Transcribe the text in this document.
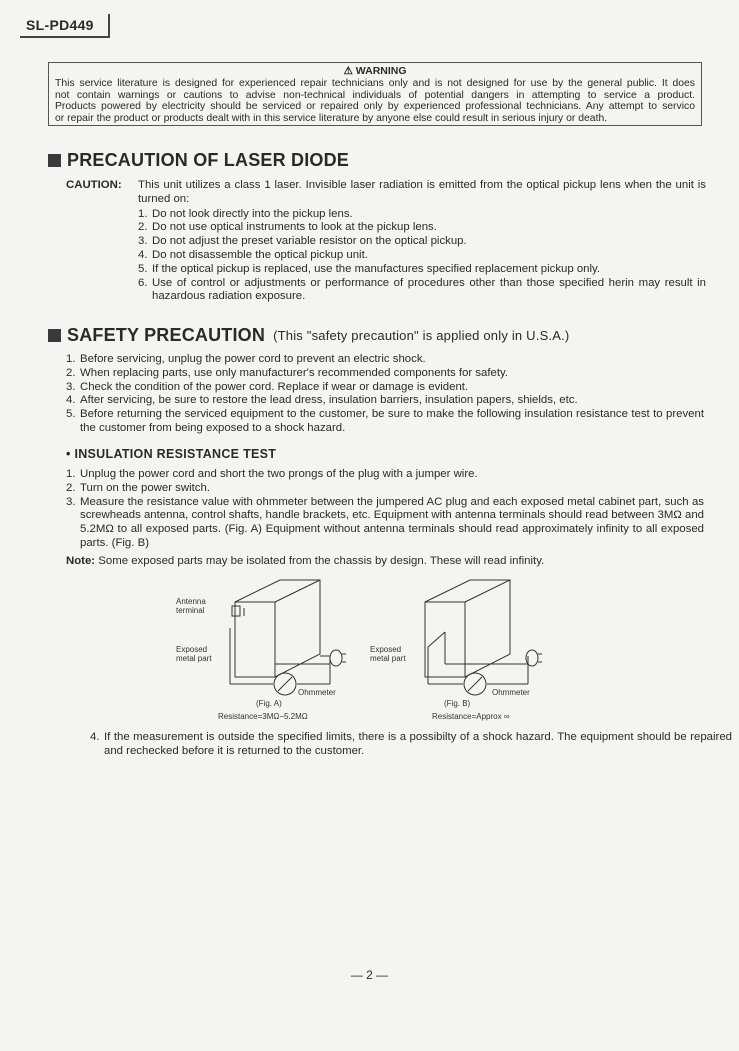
SL-PD449
⚠ WARNING
This service literature is designed for experienced repair technicians only and is not designed for use by the general public. It does
not contain warnings or cautions to advise non-technical individuals of potential dangers in attempting to service a product.
Products powered by electricity should be serviced or repaired only by experienced professional technicians. Any attempt to servico
or repair the product or products dealt with in this service literature by anyone else could result in serious injury or death.
PRECAUTION OF LASER DIODE
CAUTION:	This unit utilizes a class 1 laser. Invisible laser radiation is emitted from the optical pickup lens when the unit is turned on:
1. Do not look directly into the pickup lens.
2. Do not use optical instruments to look at the pickup lens.
3. Do not adjust the preset variable resistor on the optical pickup.
4. Do not disassemble the optical pickup unit.
5. If the optical pickup is replaced, use the manufactures specified replacement pickup only.
6. Use of control or adjustments or performance of procedures other than those specified herin may result in hazardous radiation exposure.
SAFETY PRECAUTION (This "safety precaution" is applied only in U.S.A.)
1. Before servicing, unplug the power cord to prevent an electric shock.
2. When replacing parts, use only manufacturer's recommended components for safety.
3. Check the condition of the power cord. Replace if wear or damage is evident.
4. After servicing, be sure to restore the lead dress, insulation barriers, insulation papers, shields, etc.
5. Before returning the serviced equipment to the customer, be sure to make the following insulation resistance test to prevent the customer from being exposed to a shock hazard.
• INSULATION RESISTANCE TEST
1. Unplug the power cord and short the two prongs of the plug with a jumper wire.
2. Turn on the power switch.
3. Measure the resistance value with ohmmeter between the jumpered AC plug and each exposed metal cabinet part, such as screwheads antenna, control shafts, handle brackets, etc. Equipment with antenna terminals should read between 3MΩ and 5.2MΩ to all exposed parts. (Fig. A) Equipment without antenna terminals should read approximately infinity to all exposed parts. (Fig. B)
Note: Some exposed parts may be isolated from the chassis by design. These will read infinity.
Antenna terminal
Exposed metal part
Ohmmeter
(Fig. A)
Resistance=3MΩ−5.2MΩ
Exposed metal part
Ohmmeter
(Fig. B)
Resistance=Approx ∞
4. If the measurement is outside the specified limits, there is a possibilty of a shock hazard. The equipment should be repaired and rechecked before it is returned to the customer.
— 2 —
